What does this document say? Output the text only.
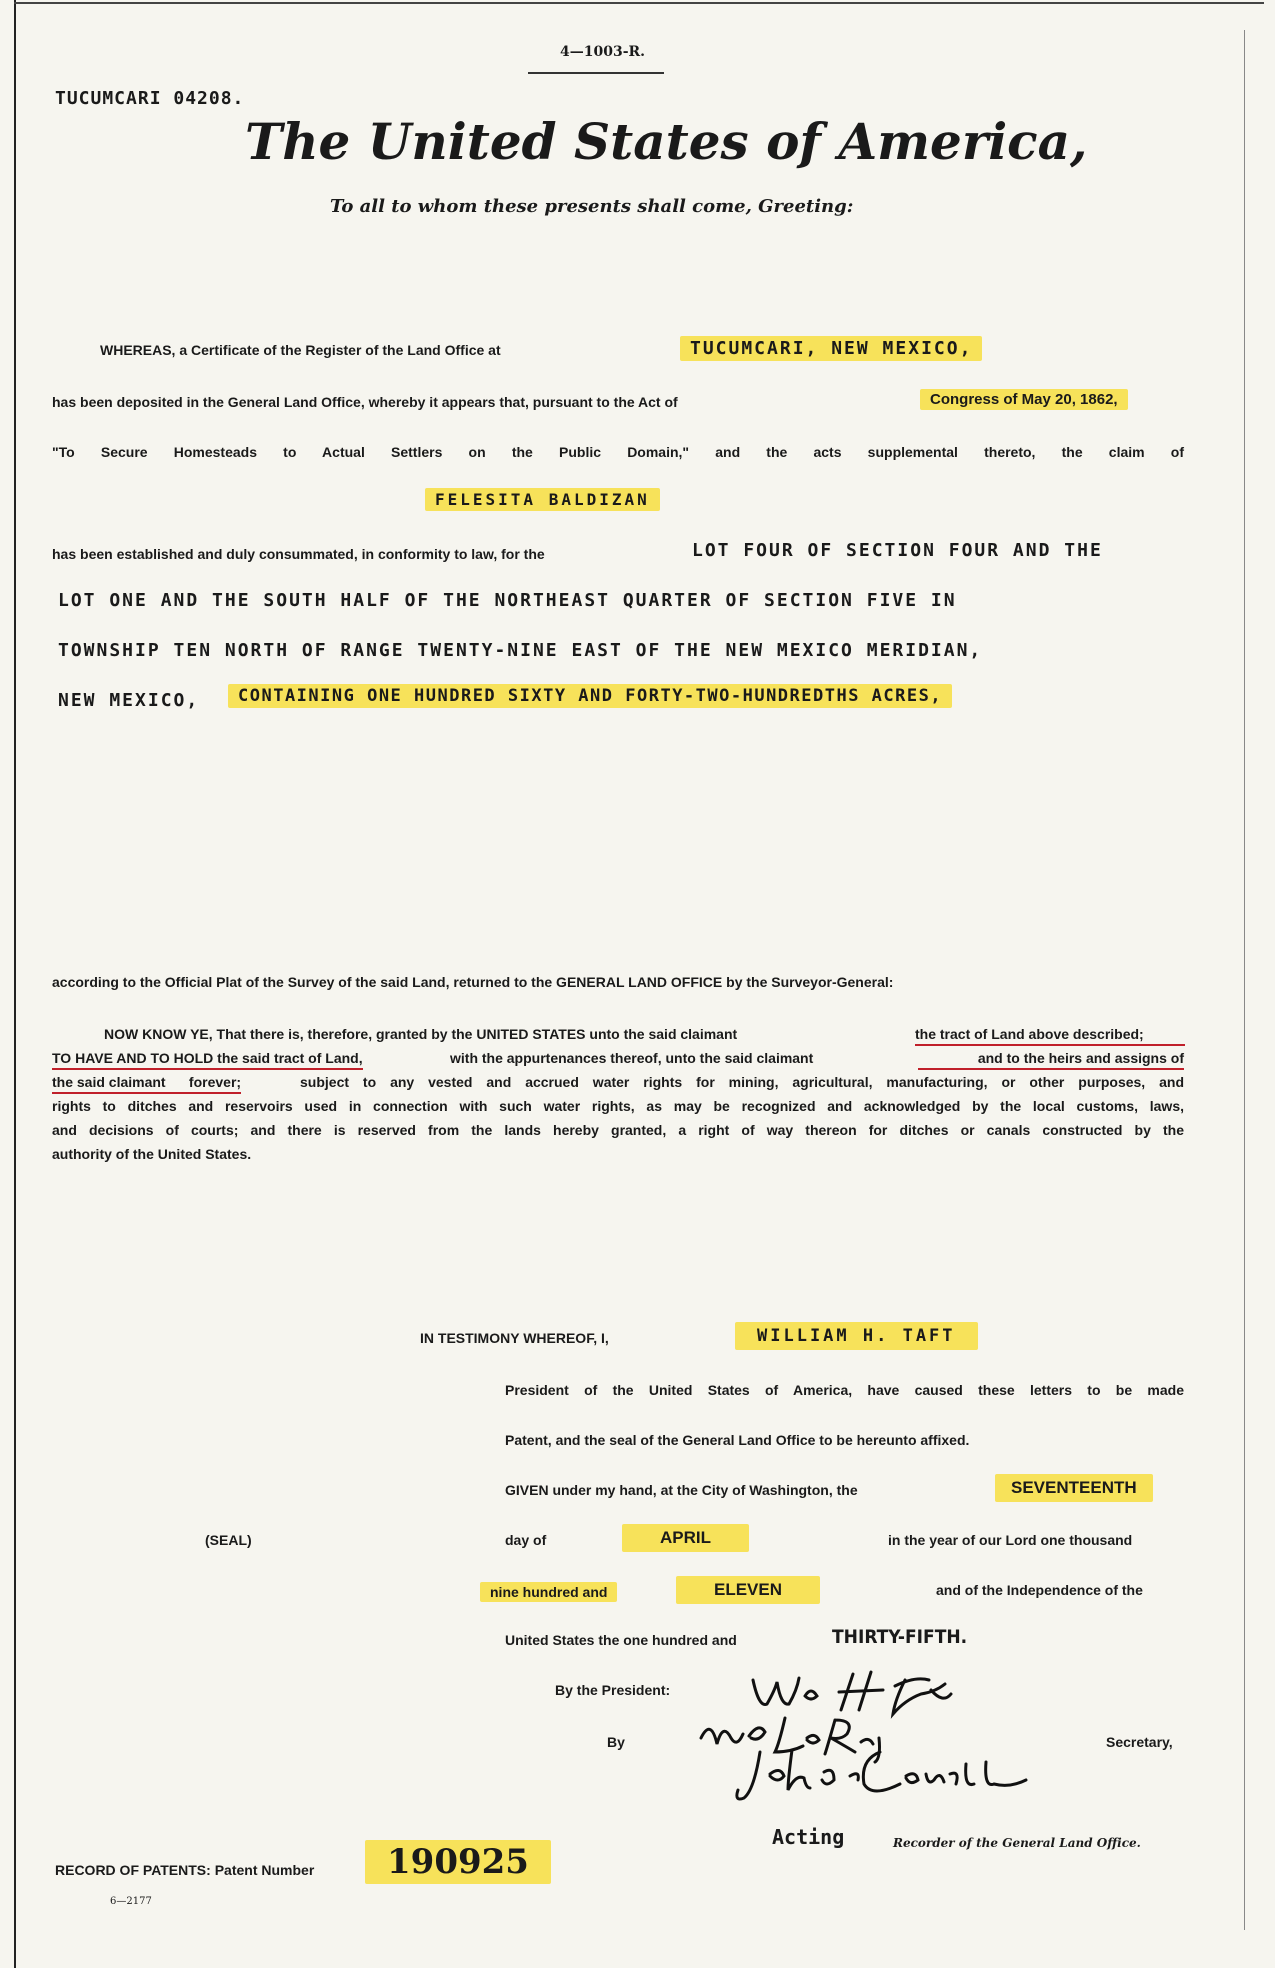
4—1003-R.
TUCUMCARI 04208.
The United States of America,
To all to whom these presents shall come, Greeting:
WHEREAS, a Certificate of the Register of the Land Office at	TUCUMCARI, NEW MEXICO,
has been deposited in the General Land Office, whereby it appears that, pursuant to the Act of	Congress of May 20, 1862,
"To Secure Homesteads to Actual Settlers on the Public Domain," and the acts supplemental thereto, the claim of
FELESITA BALDIZAN
has been established and duly consummated, in conformity to law, for the	LOT FOUR OF SECTION FOUR AND THE
LOT ONE AND THE SOUTH HALF OF THE NORTHEAST QUARTER OF SECTION FIVE IN
TOWNSHIP TEN NORTH OF RANGE TWENTY-NINE EAST OF THE NEW MEXICO MERIDIAN,
NEW MEXICO,	CONTAINING ONE HUNDRED SIXTY AND FORTY-TWO-HUNDREDTHS ACRES,
according to the Official Plat of the Survey of the said Land, returned to the GENERAL LAND OFFICE by the Surveyor-General:
NOW KNOW YE, That there is, therefore, granted by the UNITED STATES unto the said claimant	the tract of Land above described;
TO HAVE AND TO HOLD the said tract of Land,	with the appurtenances thereof, unto the said claimant	and to the heirs and assigns of
the said claimant      forever;	subject to any vested and accrued water rights for mining, agricultural, manufacturing, or other purposes, and
rights to ditches and reservoirs used in connection with such water rights, as may be recognized and acknowledged by the local customs, laws,
and decisions of courts; and there is reserved from the lands hereby granted, a right of way thereon for ditches or canals constructed by the
authority of the United States.
IN TESTIMONY WHEREOF, I,	WILLIAM H. TAFT
President of the United States of America, have caused these letters to be made
Patent, and the seal of the General Land Office to be hereunto affixed.
GIVEN under my hand, at the City of Washington, the	SEVENTEENTH
(SEAL)	day of	APRIL	in the year of our Lord one thousand
nine hundred and	ELEVEN	and of the Independence of the
United States the one hundred and	THIRTY-FIFTH.
By the President:
By	Secretary,
Acting	Recorder of the General Land Office.
RECORD OF PATENTS: Patent Number	190925
6—2177
